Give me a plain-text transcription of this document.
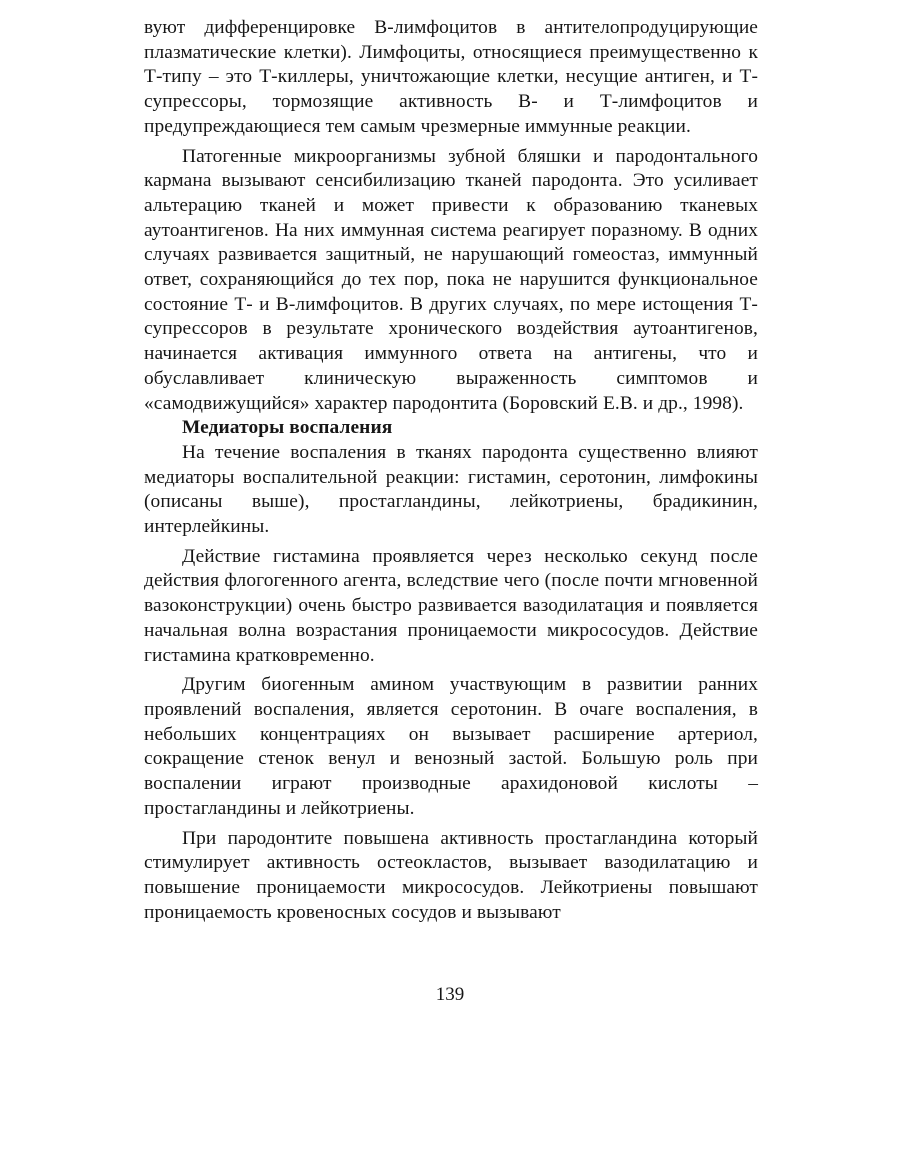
вуют дифференцировке В-лимфоцитов в антителопродуцирующие плазматические клетки). Лимфоциты, относящиеся преимущественно к Т-типу – это Т-киллеры, уничтожающие клетки, несущие антиген, и Т-супрессоры, тормозящие активность В- и Т-лимфоцитов и предупреждающиеся тем самым чрезмерные иммунные реакции.

Патогенные микроорганизмы зубной бляшки и пародонтального кармана вызывают сенсибилизацию тканей пародонта. Это усиливает альтерацию тканей и может привести к образованию тканевых аутоантигенов. На них иммунная система реагирует поразному. В одних случаях развивается защитный, не нарушающий гомеостаз, иммунный ответ, сохраняющийся до тех пор, пока не нарушится функциональное состояние Т- и В-лимфоцитов. В других случаях, по мере истощения Т-супрессоров в результате хронического воздействия аутоантигенов, начинается активация иммунного ответа на антигены, что и обуславливает клиническую выраженность симптомов и «самодвижущийся» характер пародонтита (Боровский Е.В. и др., 1998).

Медиаторы воспаления

На течение воспаления в тканях пародонта существенно влияют медиаторы воспалительной реакции: гистамин, серотонин, лимфокины (описаны выше), простагландины, лейкотриены, брадикинин, интерлейкины.

Действие гистамина проявляется через несколько секунд после действия флогогенного агента, вследствие чего (после почти мгновенной вазоконструкции) очень быстро развивается вазодилатация и появляется начальная волна возрастания проницаемости микрососудов. Действие гистамина кратковременно.

Другим биогенным амином участвующим в развитии ранних проявлений воспаления, является серотонин. В очаге воспаления, в небольших концентрациях он вызывает расширение артериол, сокращение стенок венул и венозный застой. Большую роль при воспалении играют производные арахидоновой кислоты – простагландины и лейкотриены.

При пародонтите повышена активность простагландина который стимулирует активность остеокластов, вызывает вазодилатацию и повышение проницаемости микрососудов. Лейкотриены повышают проницаемость кровеносных сосудов и вызывают

139
